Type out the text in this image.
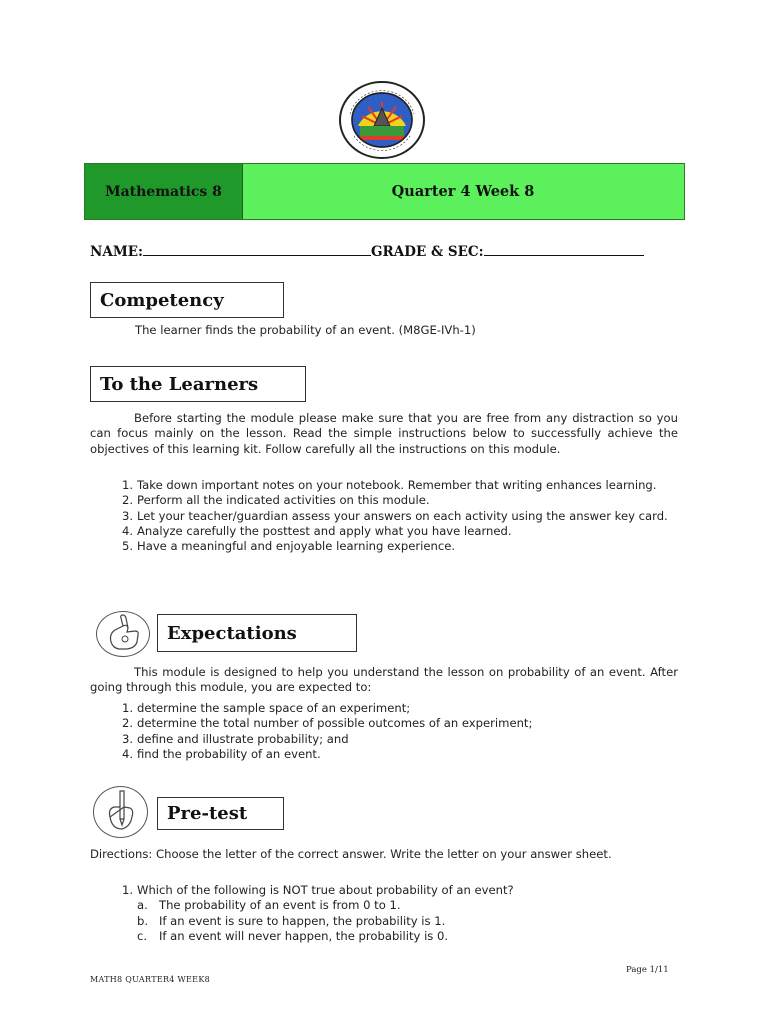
Mathematics 8	Quarter 4 Week 8
NAME:	GRADE & SEC:
Competency
The learner finds the probability of an event. (M8GE-IVh-1)
To the Learners
Before starting the module please make sure that you are free from any distraction so you can focus mainly on the lesson. Read the simple instructions below to successfully achieve the objectives of this learning kit. Follow carefully all the instructions on this module.
1. Take down important notes on your notebook. Remember that writing enhances learning.
2. Perform all the indicated activities on this module.
3. Let your teacher/guardian assess your answers on each activity using the answer key card.
4. Analyze carefully the posttest and apply what you have learned.
5. Have a meaningful and enjoyable learning experience.
Expectations
This module is designed to help you understand the lesson on probability of an event. After going through this module, you are expected to:
1. determine the sample space of an experiment;
2. determine the total number of possible outcomes of an experiment;
3. define and illustrate probability; and
4. find the probability of an event.
Pre-test
Directions: Choose the letter of the correct answer. Write the letter on your answer sheet.
1. Which of the following is NOT true about probability of an event?
a. The probability of an event is from 0 to 1.
b. If an event is sure to happen, the probability is 1.
c.	If an event will never happen, the probability is 0.
MATH8 QUARTER4 WEEK8
Page 1/11
